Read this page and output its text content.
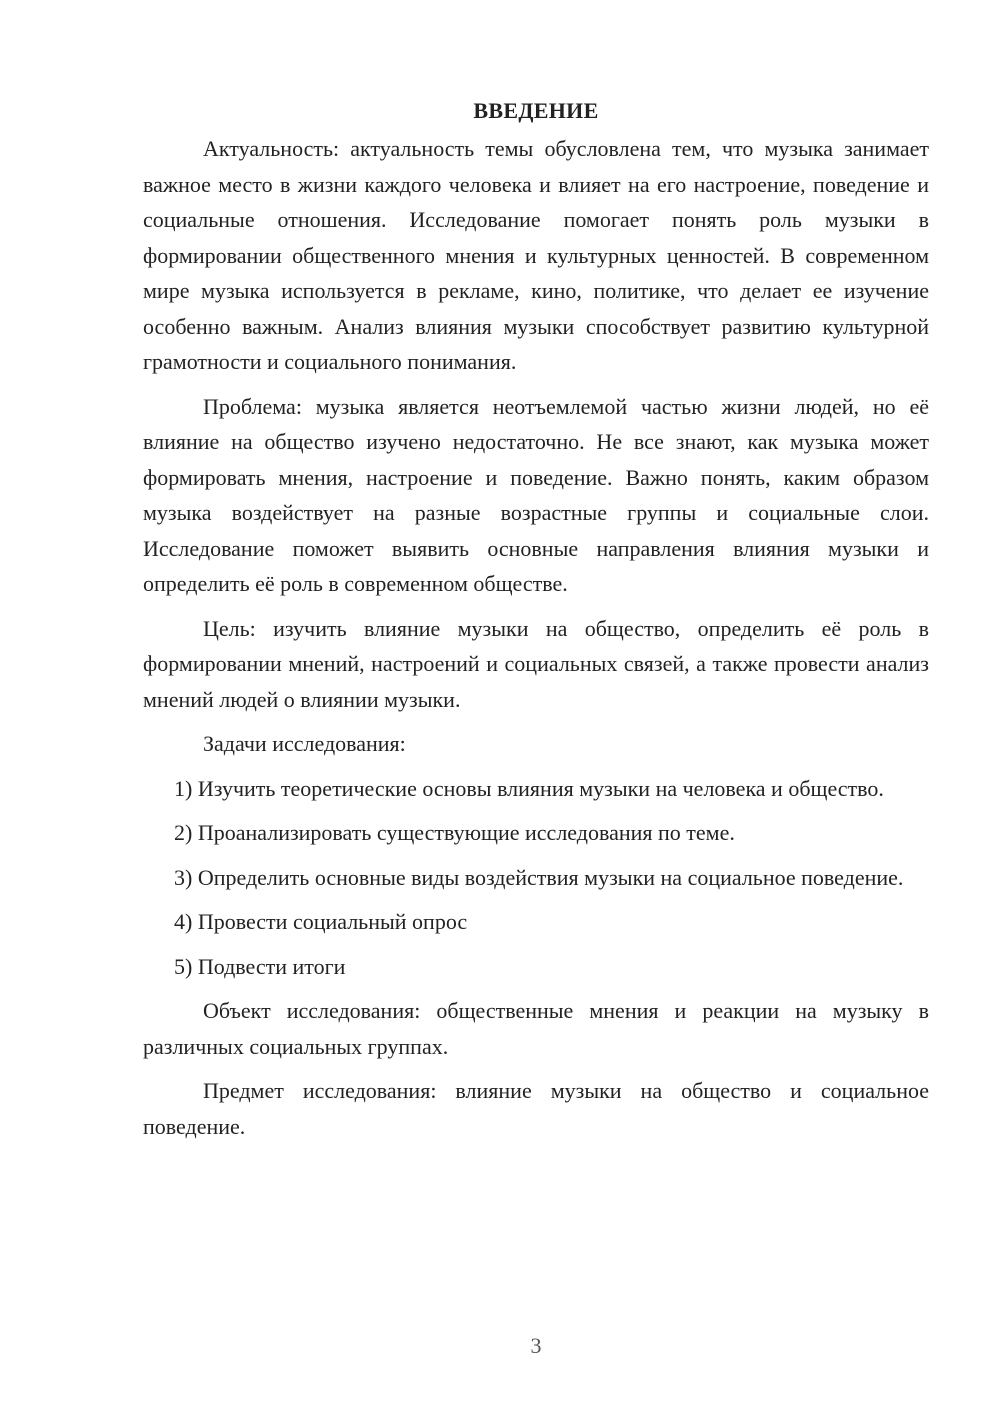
ВВЕДЕНИЕ

Актуальность: актуальность темы обусловлена тем, что музыка занимает важное место в жизни каждого человека и влияет на его настроение, поведение и социальные отношения. Исследование помогает понять роль музыки в формировании общественного мнения и культурных ценностей. В современном мире музыка используется в рекламе, кино, политике, что делает ее изучение особенно важным. Анализ влияния музыки способствует развитию культурной грамотности и социального понимания.

Проблема: музыка является неотъемлемой частью жизни людей, но её влияние на общество изучено недостаточно. Не все знают, как музыка может формировать мнения, настроение и поведение. Важно понять, каким образом музыка воздействует на разные возрастные группы и социальные слои. Исследование поможет выявить основные направления влияния музыки и определить её роль в современном обществе.

Цель: изучить влияние музыки на общество, определить её роль в формировании мнений, настроений и социальных связей, а также провести анализ мнений людей о влиянии музыки.

Задачи исследования:

1) Изучить теоретические основы влияния музыки на человека и общество.

2) Проанализировать существующие исследования по теме.

3) Определить основные виды воздействия музыки на социальное поведение.

4) Провести социальный опрос

5) Подвести итоги

Объект исследования: общественные мнения и реакции на музыку в различных социальных группах.

Предмет исследования: влияние музыки на общество и социальное поведение.

3
